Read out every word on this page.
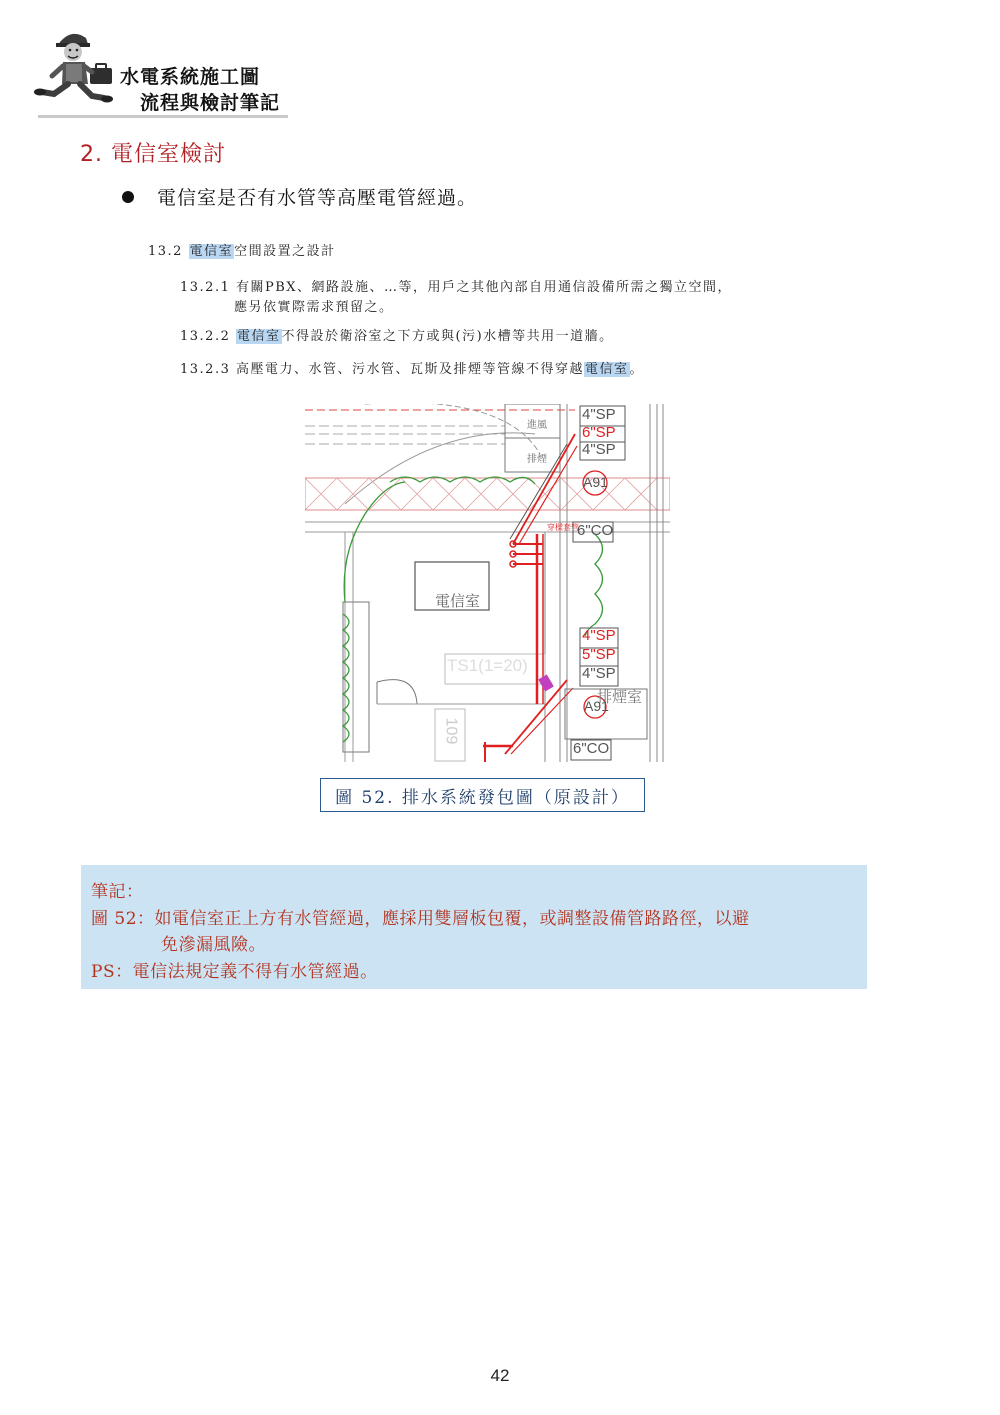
水電系統施工圖
流程與檢討筆記
2. 電信室檢討
電信室是否有水管等高壓電管經過。
13.2 電信室空間設置之設計
13.2.1 有關PBX、網路設施、…等，用戶之其他內部自用通信設備所需之獨立空間，
應另依實際需求預留之。
13.2.2 電信室不得設於衛浴室之下方或與(污)水槽等共用一道牆。
13.2.3 高壓電力、水管、污水管、瓦斯及排煙等管線不得穿越電信室。
進風
排煙
4"SP
6"SP
4"SP
A91
穿樑套管
6"CO
電信室
4"SP
5"SP
4"SP
TS1(1=20)
排煙室
A91
109
6"CO
圖 52. 排水系統發包圖（原設計）
筆記：
圖 52：如電信室正上方有水管經過，應採用雙層板包覆，或調整設備管路路徑，以避
免滲漏風險。
PS：電信法規定義不得有水管經過。
42
